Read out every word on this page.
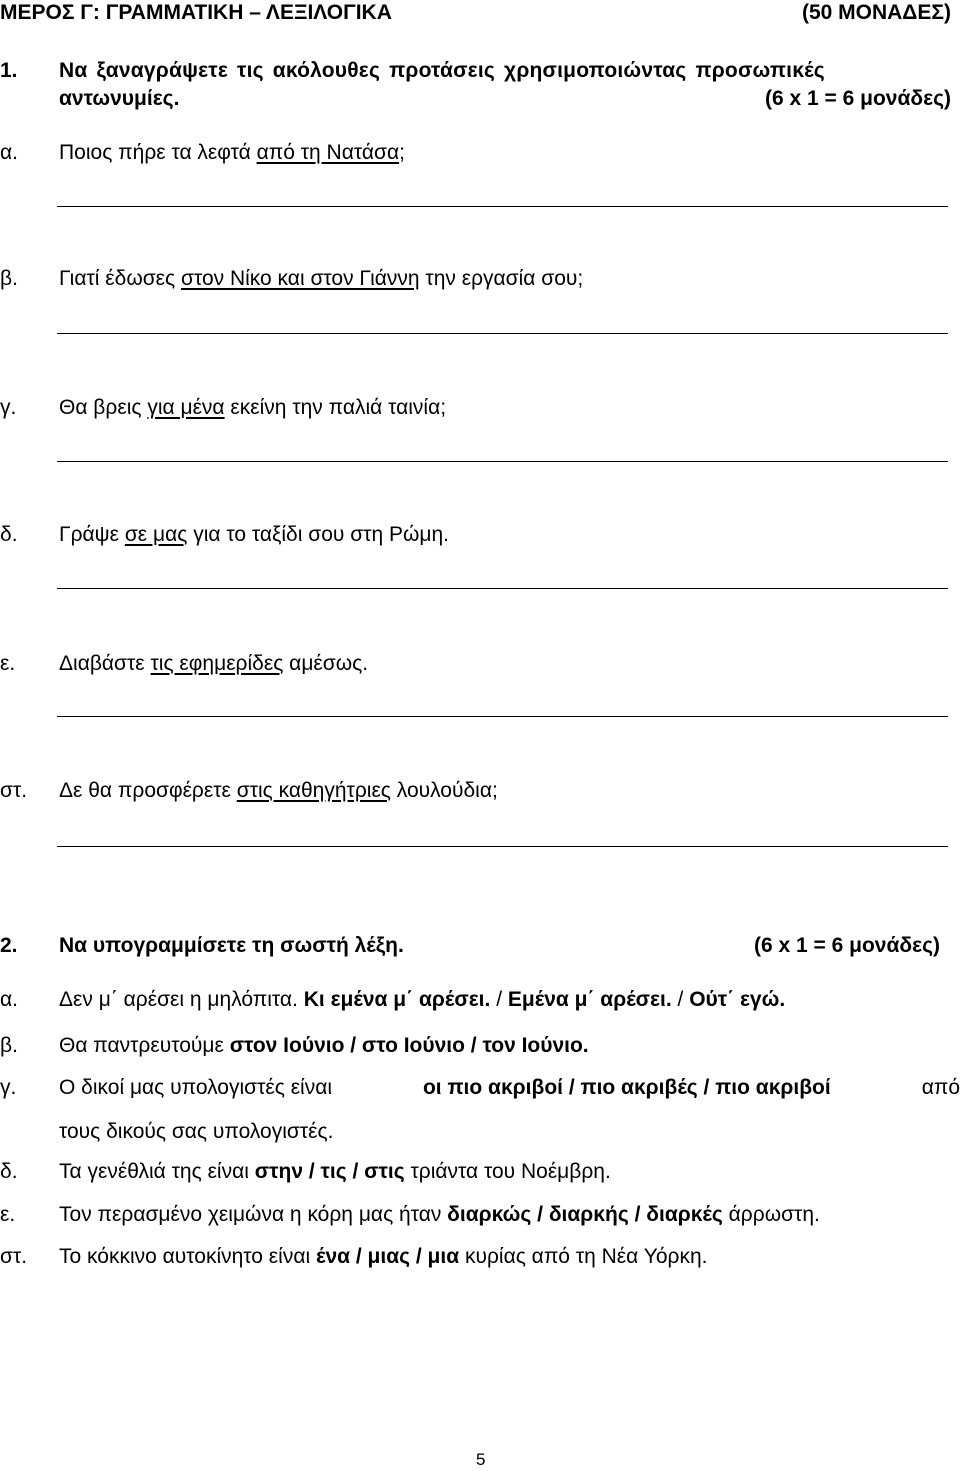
ΜΕΡΟΣ Γ: ΓΡΑΜΜΑΤΙΚΗ – ΛΕΞΙΛΟΓΙΚΑ	(50 ΜΟΝΑΔΕΣ)
1. Να ξαναγράψετε τις ακόλουθες προτάσεις χρησιμοποιώντας προσωπικές
αντωνυμίες.	(6 x 1 = 6 μονάδες)
α. Ποιος πήρε τα λεφτά από τη Νατάσα;
β. Γιατί έδωσες στον Νίκο και στον Γιάννη την εργασία σου;
γ. Θα βρεις για μένα εκείνη την παλιά ταινία;
δ. Γράψε σε μας για το ταξίδι σου στη Ρώμη.
ε. Διαβάστε τις εφημερίδες αμέσως.
στ. Δε θα προσφέρετε στις καθηγήτριες λουλούδια;
2. Να υπογραμμίσετε τη σωστή λέξη.	(6 x 1 = 6 μονάδες)
α. Δεν μ΄ αρέσει η μηλόπιτα. Κι εμένα μ΄ αρέσει. / Εμένα μ΄ αρέσει. / Ούτ΄ εγώ.
β. Θα παντρευτούμε στον Ιούνιο / στο Ιούνιο / τον Ιούνιο.
γ. Ο δικοί μας υπολογιστές είναι	οι πιο ακριβοί / πιο ακριβές / πιο ακριβοί	από
τους δικούς σας υπολογιστές.
δ. Τα γενέθλιά της είναι στην / τις / στις τριάντα του Νοέμβρη.
ε. Τον περασμένο χειμώνα η κόρη μας ήταν διαρκώς / διαρκής / διαρκές άρρωστη.
στ. Το κόκκινο αυτοκίνητο είναι ένα / μιας / μια κυρίας από τη Νέα Υόρκη.
5
